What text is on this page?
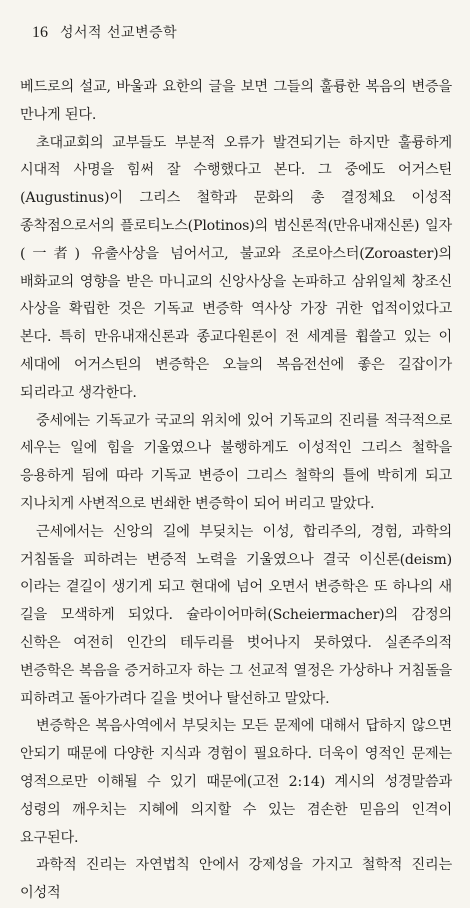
16 성서적 선교변증학

베드로의 설교, 바울과 요한의 글을 보면 그들의 훌륭한 복음의 변증을 만나게 된다.

초대교회의 교부들도 부분적 오류가 발견되기는 하지만 훌륭하게 시대적 사명을 힘써 잘 수행했다고 본다. 그 중에도 어거스틴(Augustinus)이 그리스 철학과 문화의 총 결정체요 이성적 종착점으로서의 플로티노스(Plotinos)의 범신론적(만유내재신론) 일자(一者) 유출사상을 넘어서고, 불교와 조로아스터(Zoroaster)의 배화교의 영향을 받은 마니교의 신앙사상을 논파하고 삼위일체 창조신 사상을 확립한 것은 기독교 변증학 역사상 가장 귀한 업적이었다고 본다. 특히 만유내재신론과 종교다원론이 전 세계를 휩쓸고 있는 이 세대에 어거스틴의 변증학은 오늘의 복음전선에 좋은 길잡이가 되리라고 생각한다.

중세에는 기독교가 국교의 위치에 있어 기독교의 진리를 적극적으로 세우는 일에 힘을 기울였으나 불행하게도 이성적인 그리스 철학을 응용하게 됨에 따라 기독교 변증이 그리스 철학의 틀에 박히게 되고 지나치게 사변적으로 번쇄한 변증학이 되어 버리고 말았다.

근세에서는 신앙의 길에 부딪치는 이성, 합리주의, 경험, 과학의 거침돌을 피하려는 변증적 노력을 기울였으나 결국 이신론(deism)이라는 곁길이 생기게 되고 현대에 넘어 오면서 변증학은 또 하나의 새 길을 모색하게 되었다. 슐라이어마허(Scheiermacher)의 감정의 신학은 여전히 인간의 테두리를 벗어나지 못하였다. 실존주의적 변증학은 복음을 증거하고자 하는 그 선교적 열정은 가상하나 거침돌을 피하려고 돌아가려다 길을 벗어나 탈선하고 말았다.

변증학은 복음사역에서 부딪치는 모든 문제에 대해서 답하지 않으면 안되기 때문에 다양한 지식과 경험이 필요하다. 더욱이 영적인 문제는 영적으로만 이해될 수 있기 때문에(고전 2:14) 계시의 성경말씀과 성령의 깨우치는 지혜에 의지할 수 있는 겸손한 믿음의 인격이 요구된다.

과학적 진리는 자연법칙 안에서 강제성을 가지고 철학적 진리는 이성적
